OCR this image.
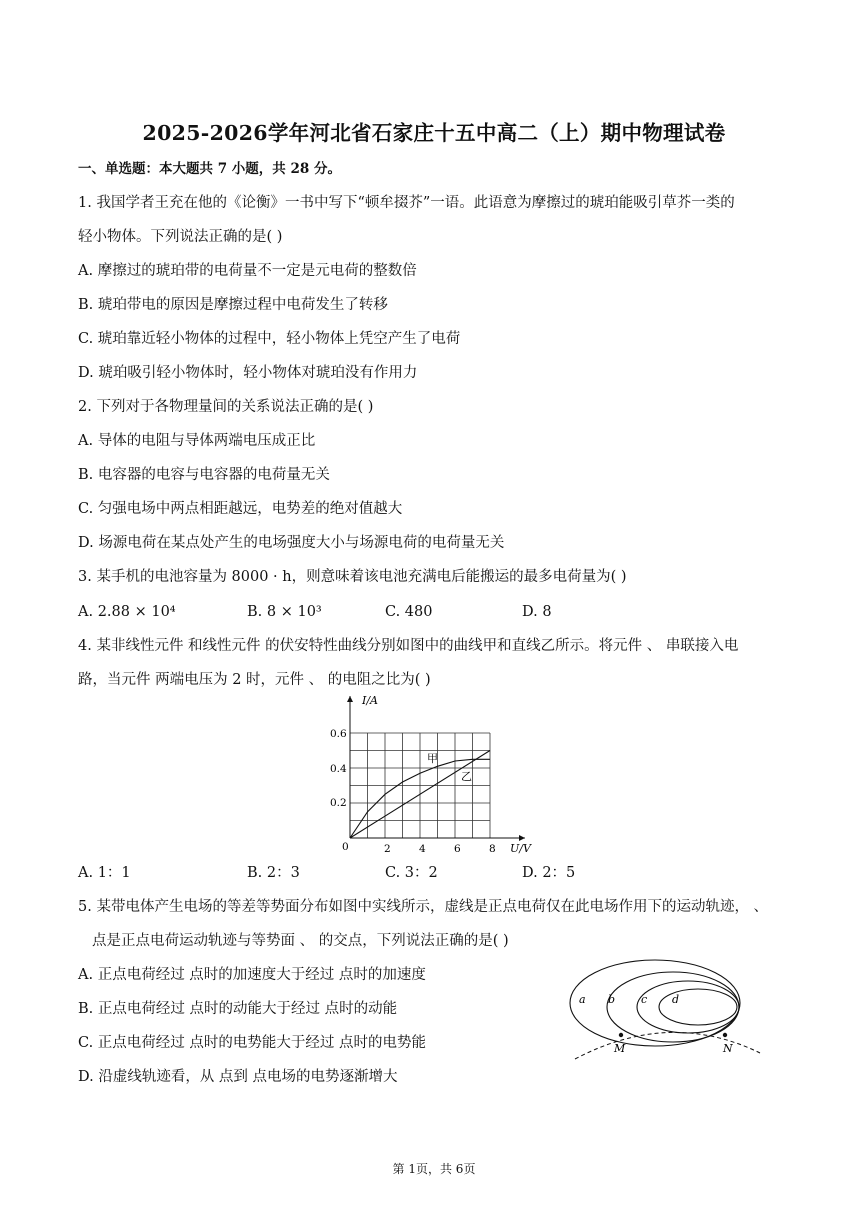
2025-2026学年河北省石家庄十五中高二（上）期中物理试卷
一、单选题：本大题共 7 小题，共 28 分。
1. 我国学者王充在他的《论衡》一书中写下“顿牟掇芥”一语。此语意为摩擦过的琥珀能吸引草芥一类的
轻小物体。下列说法正确的是( )
A. 摩擦过的琥珀带的电荷量不一定是元电荷的整数倍
B. 琥珀带电的原因是摩擦过程中电荷发生了转移
C. 琥珀靠近轻小物体的过程中，轻小物体上凭空产生了电荷
D. 琥珀吸引轻小物体时，轻小物体对琥珀没有作用力
2. 下列对于各物理量间的关系说法正确的是( )
A. 导体的电阻与导体两端电压成正比
B. 电容器的电容与电容器的电荷量无关
C. 匀强电场中两点相距越远，电势差的绝对值越大
D. 场源电荷在某点处产生的电场强度大小与场源电荷的电荷量无关
3. 某手机的电池容量为 8000 · h，则意味着该电池充满电后能搬运的最多电荷量为( )
A. 2.88 × 10⁴	B. 8 × 10³	C. 480	D. 8
4. 某非线性元件 和线性元件 的伏安特性曲线分别如图中的曲线甲和直线乙所示。将元件 、 串联接入电
路，当元件 两端电压为 2 时，元件 、 的电阻之比为( )
I/A
U/V
0
0.2
0.4
0.6
2	4	6	8
甲
乙
A. 1：1	B. 2：3	C. 3：2	D. 2：5
5. 某带电体产生电场的等差等势面分布如图中实线所示，虚线是正点电荷仅在此电场作用下的运动轨迹， 、
点是正点电荷运动轨迹与等势面 、 的交点，下列说法正确的是( )
A. 正点电荷经过 点时的加速度大于经过 点时的加速度
B. 正点电荷经过 点时的动能大于经过 点时的动能
C. 正点电荷经过 点时的电势能大于经过 点时的电势能
D. 沿虚线轨迹看，从 点到 点电场的电势逐渐增大
a b c d
M	N
第 1页，共 6页
